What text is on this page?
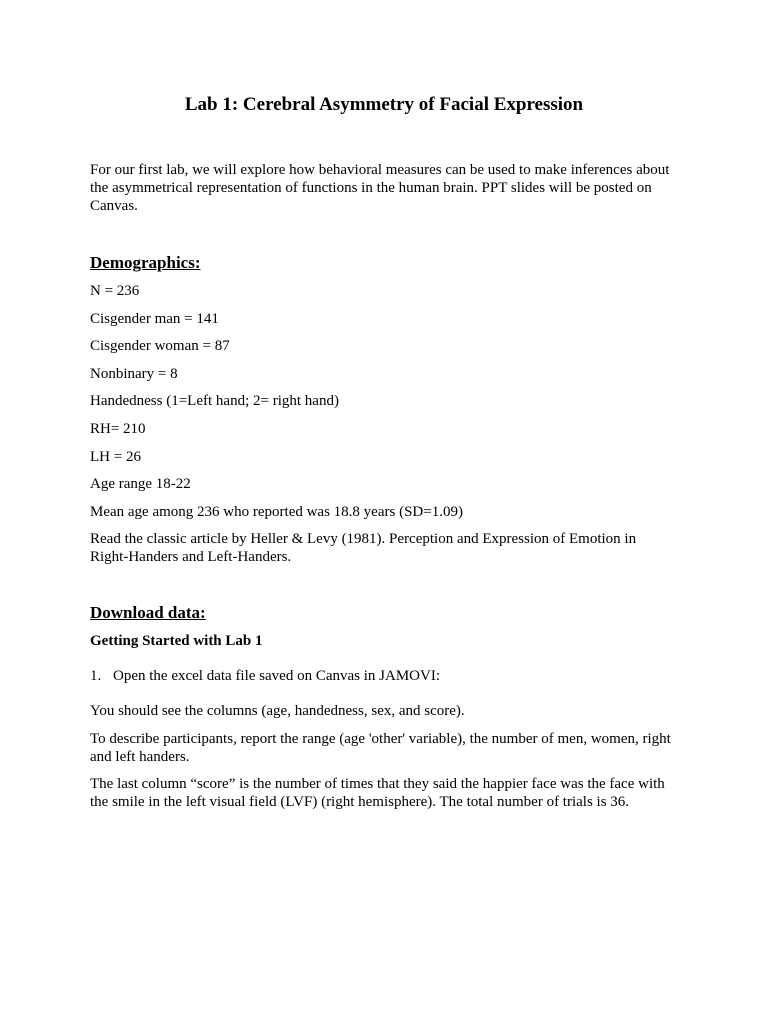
Lab 1: Cerebral Asymmetry of Facial Expression

For our first lab, we will explore how behavioral measures can be used to make inferences about the asymmetrical representation of functions in the human brain. PPT slides will be posted on Canvas.

Demographics:

N = 236

Cisgender man = 141

Cisgender woman = 87

Nonbinary = 8

Handedness (1=Left hand; 2= right hand)

RH= 210

LH = 26

Age range 18-22

Mean age among 236 who reported was 18.8 years (SD=1.09)

Read the classic article by Heller & Levy (1981). Perception and Expression of Emotion in Right-Handers and Left-Handers.

Download data:

Getting Started with Lab 1

1. Open the excel data file saved on Canvas in JAMOVI:

You should see the columns (age, handedness, sex, and score).

To describe participants, report the range (age 'other' variable), the number of men, women, right and left handers.

The last column “score” is the number of times that they said the happier face was the face with the smile in the left visual field (LVF) (right hemisphere). The total number of trials is 36.
